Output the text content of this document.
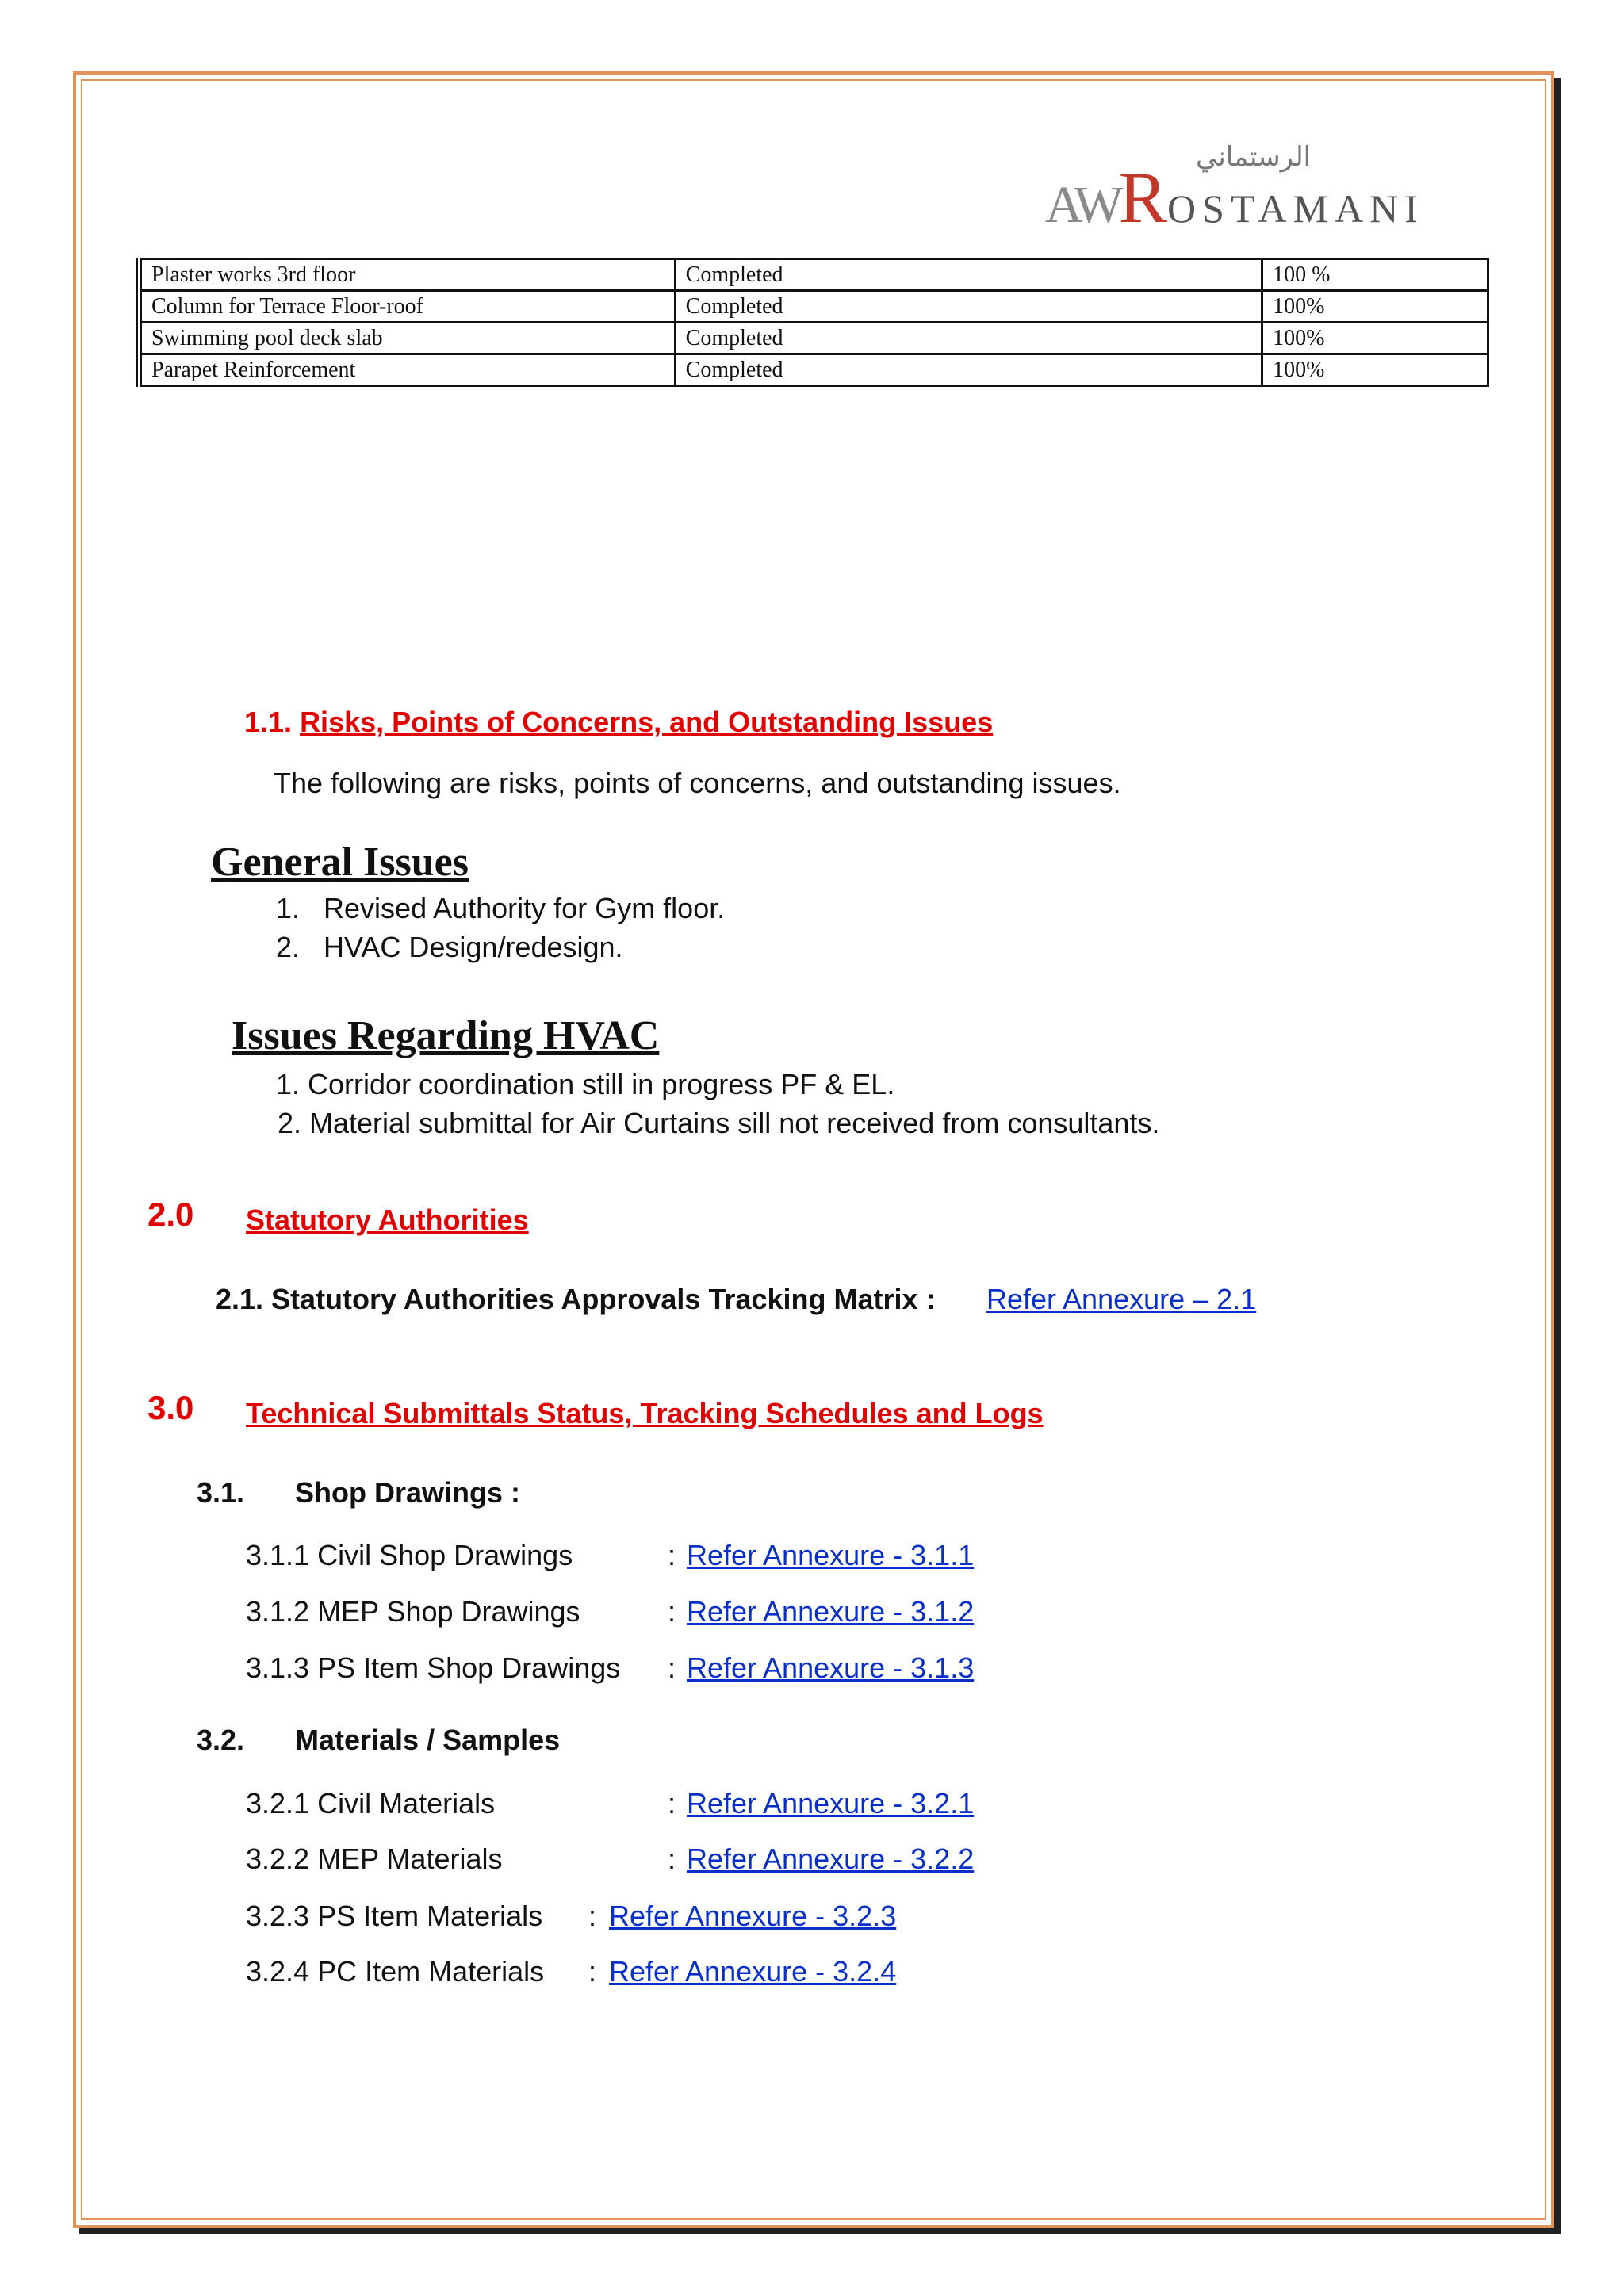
الرستماني
AWROSTAMANI
Plaster works 3rd floor	Completed	100 %
Column for Terrace Floor-roof	Completed	100%
Swimming pool deck slab	Completed	100%
Parapet Reinforcement	Completed	100%
1.1. Risks, Points of Concerns, and Outstanding Issues
The following are risks, points of concerns, and outstanding issues.
General Issues
1.   Revised Authority for Gym floor.
2.   HVAC Design/redesign.
Issues Regarding HVAC
1. Corridor coordination still in progress PF & EL.
2. Material submittal for Air Curtains sill not received from consultants.
2.0 Statutory Authorities
2.1. Statutory Authorities Approvals Tracking Matrix : Refer Annexure – 2.1
3.0 Technical Submittals Status, Tracking Schedules and Logs
3.1. Shop Drawings :
3.1.1 Civil Shop Drawings	: Refer Annexure - 3.1.1
3.1.2 MEP Shop Drawings	: Refer Annexure - 3.1.2
3.1.3 PS Item Shop Drawings : Refer Annexure - 3.1.3
3.2. Materials / Samples
3.2.1 Civil Materials	: Refer Annexure - 3.2.1
3.2.2 MEP Materials	: Refer Annexure - 3.2.2
3.2.3 PS Item Materials : Refer Annexure - 3.2.3
3.2.4 PC Item Materials : Refer Annexure - 3.2.4
